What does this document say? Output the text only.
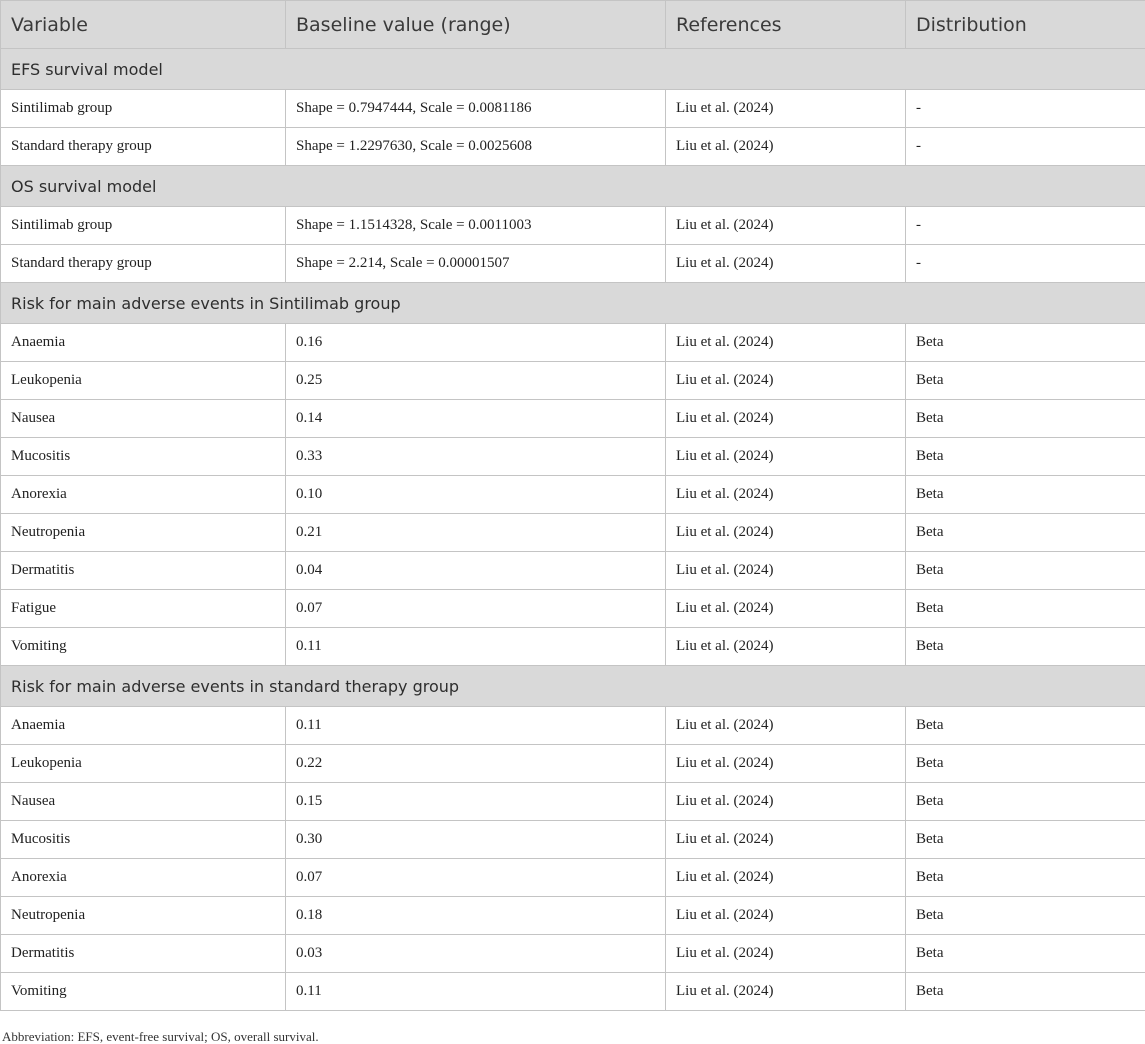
Variable	Baseline value (range)	References	Distribution
EFS survival model			
Sintilimab group	Shape = 0.7947444, Scale = 0.0081186	Liu et al. (2024)	-
Standard therapy group	Shape = 1.2297630, Scale = 0.0025608	Liu et al. (2024)	-
OS survival model			
Sintilimab group	Shape = 1.1514328, Scale = 0.0011003	Liu et al. (2024)	-
Standard therapy group	Shape = 2.214, Scale = 0.00001507	Liu et al. (2024)	-
Risk for main adverse events in Sintilimab group			
Anaemia	0.16	Liu et al. (2024)	Beta
Leukopenia	0.25	Liu et al. (2024)	Beta
Nausea	0.14	Liu et al. (2024)	Beta
Mucositis	0.33	Liu et al. (2024)	Beta
Anorexia	0.10	Liu et al. (2024)	Beta
Neutropenia	0.21	Liu et al. (2024)	Beta
Dermatitis	0.04	Liu et al. (2024)	Beta
Fatigue	0.07	Liu et al. (2024)	Beta
Vomiting	0.11	Liu et al. (2024)	Beta
Risk for main adverse events in standard therapy group			
Anaemia	0.11	Liu et al. (2024)	Beta
Leukopenia	0.22	Liu et al. (2024)	Beta
Nausea	0.15	Liu et al. (2024)	Beta
Mucositis	0.30	Liu et al. (2024)	Beta
Anorexia	0.07	Liu et al. (2024)	Beta
Neutropenia	0.18	Liu et al. (2024)	Beta
Dermatitis	0.03	Liu et al. (2024)	Beta
Vomiting	0.11	Liu et al. (2024)	Beta
Abbreviation: EFS, event-free survival; OS, overall survival.
